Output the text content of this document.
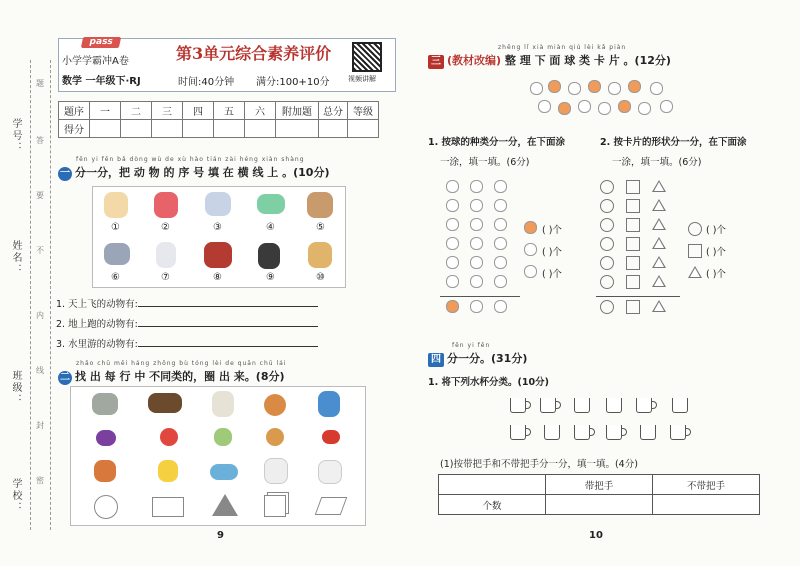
学号：
姓名：
班级：
学校：
题
答
要
不
内
线
封
密
pass
小学学霸冲A卷
数学 一年级下·RJ
第3单元综合素养评价
时间:40分钟 满分:100+10分	视频讲解
题序	一	二	三	四	五	六	附加题	总分	等级
得分									
fēn yi fēn bǎ dòng wù de xù hào tián zài héng xiàn shàng
一 分一分，把 动 物 的 序 号 填 在 横 线 上 。(10分)
①	②	③	④	⑤
⑥	⑦	⑧	⑨	⑩
1. 天上飞的动物有:
2. 地上跑的动物有:
3. 水里游的动物有:
zhǎo chū měi háng zhōng bù tóng lèi de quān chū lái
二 找 出 每 行 中 不同类的，圈 出 来。(8分)
9
zhěng lǐ xià miàn qiú lèi kǎ piàn
三 (教材改编) 整 理 下 面 球 类 卡 片 。(12分)
1. 按球的种类分一分，在下面涂
一涂，填一填。(6分)
2. 按卡片的形状分一分，在下面涂
一涂，填一填。(6分)
( )个
( )个
( )个
( )个
( )个
( )个
fēn yi fēn
四 分一分。(31分)
1. 将下列水杯分类。(10分)
(1)按带把手和不带把手分一分，填一填。(4分)
	带把手	不带把手
个数		
10
